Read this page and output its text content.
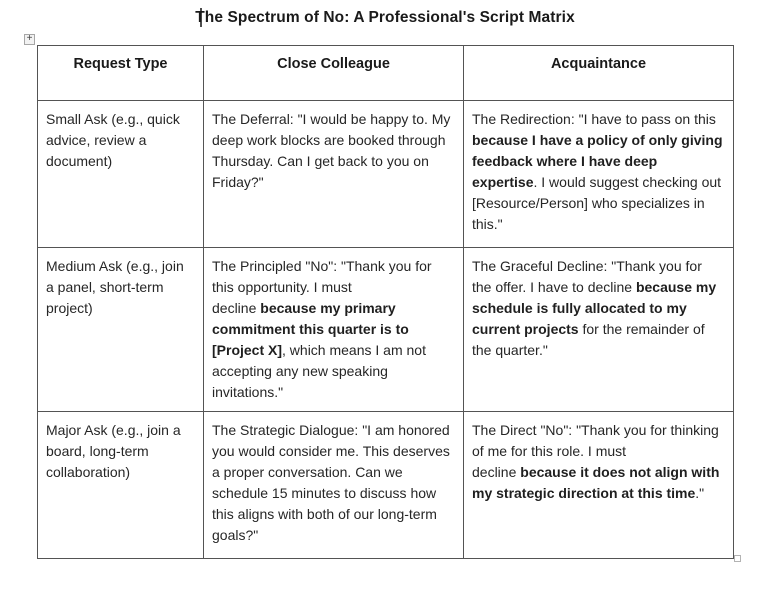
The Spectrum of No: A Professional's Script Matrix
+
Request Type	Close Colleague	Acquaintance
Small Ask (e.g., quick advice, review a document)	The Deferral: "I would be happy to. My deep work blocks are booked through Thursday. Can I get back to you on Friday?"	The Redirection: "I have to pass on this because I have a policy of only giving feedback where I have deep expertise. I would suggest checking out [Resource/Person] who specializes in this."
Medium Ask (e.g., join a panel, short-term project)	The Principled "No": "Thank you for this opportunity. I must decline because my primary commitment this quarter is to [Project X], which means I am not accepting any new speaking invitations."	The Graceful Decline: "Thank you for the offer. I have to decline because my schedule is fully allocated to my current projects for the remainder of the quarter."
Major Ask (e.g., join a board, long-term collaboration)	The Strategic Dialogue: "I am honored you would consider me. This deserves a proper conversation. Can we schedule 15 minutes to discuss how this aligns with both of our long-term goals?"	The Direct "No": "Thank you for thinking of me for this role. I must decline because it does not align with my strategic direction at this time."
